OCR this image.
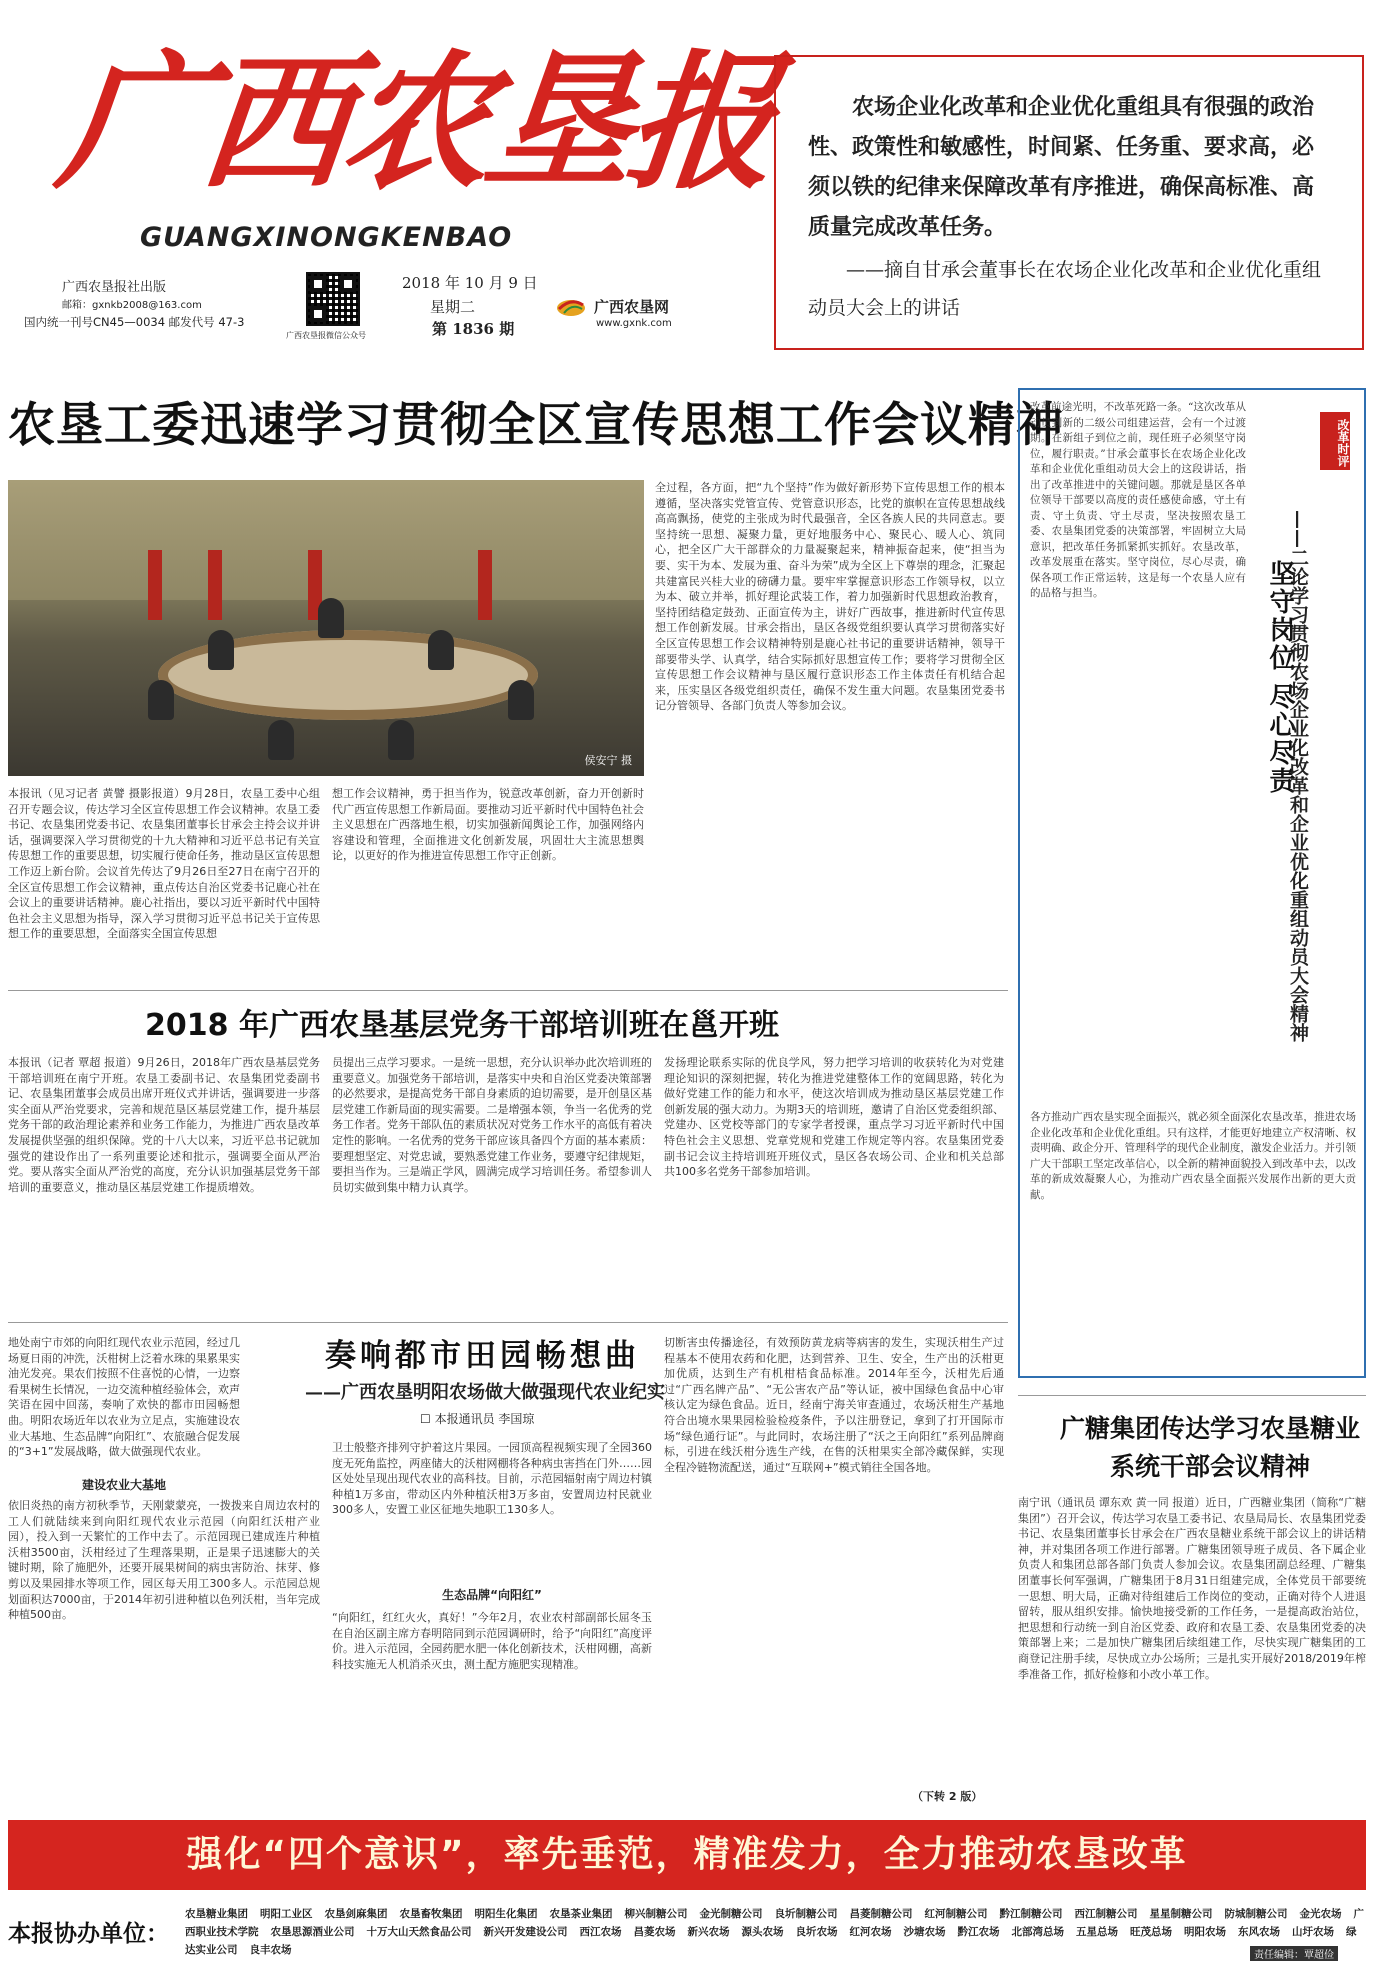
广西农垦报
GUANGXINONGKENBAO
广西农垦报社出版
邮箱：gxnkb2008@163.com
国内统一刊号CN45—0034 邮发代号 47-3
广西农垦报微信公众号
2018 年 10 月 9 日
星期二
第 1836 期
广西农垦网
www.gxnk.com
农场企业化改革和企业优化重组具有很强的政治性、政策性和敏感性，时间紧、任务重、要求高，必须以铁的纪律来保障改革有序推进，确保高标准、高质量完成改革任务。
——摘自甘承会董事长在农场企业化改革和企业优化重组动员大会上的讲话
农垦工委迅速学习贯彻全区宣传思想工作会议精神
侯安宁 摄
本报讯（见习记者 黄譬 摄影报道）9月28日，农垦工委中心组召开专题会议，传达学习全区宣传思想工作会议精神。农垦工委书记、农垦集团党委书记、农垦集团董事长甘承会主持会议并讲话，强调要深入学习贯彻党的十九大精神和习近平总书记有关宣传思想工作的重要思想，切实履行使命任务，推动垦区宣传思想工作迈上新台阶。会议首先传达了9月26日至27日在南宁召开的全区宣传思想工作会议精神，重点传达自治区党委书记鹿心社在会议上的重要讲话精神。鹿心社指出，要以习近平新时代中国特色社会主义思想为指导，深入学习贯彻习近平总书记关于宣传思想工作的重要思想，全面落实全国宣传思想
想工作会议精神，勇于担当作为，锐意改革创新，奋力开创新时代广西宣传思想工作新局面。要推动习近平新时代中国特色社会主义思想在广西落地生根，切实加强新闻舆论工作，加强网络内容建设和管理，全面推进文化创新发展，巩固壮大主流思想舆论，以更好的作为推进宣传思想工作守正创新。
全过程，各方面，把“九个坚持”作为做好新形势下宣传思想工作的根本遵循，坚决落实党管宣传、党管意识形态，比党的旗帜在宣传思想战线高高飘扬，使党的主张成为时代最强音，全区各族人民的共同意志。要坚持统一思想、凝聚力量，更好地服务中心、聚民心、暖人心、筑同心，把全区广大干部群众的力量凝聚起来，精神振奋起来，使“担当为要、实干为本、发展为重、奋斗为荣”成为全区上下尊崇的理念，汇聚起共建富民兴桂大业的磅礴力量。要牢牢掌握意识形态工作领导权，以立为本、破立并举，抓好理论武装工作，着力加强新时代思想政治教育，坚持团结稳定鼓劲、正面宣传为主，讲好广西故事，推进新时代宣传思想工作创新发展。甘承会指出，垦区各级党组织要认真学习贯彻落实好全区宣传思想工作会议精神特别是鹿心社书记的重要讲话精神，领导干部要带头学、认真学，结合实际抓好思想宣传工作；要将学习贯彻全区宣传思想工作会议精神与垦区履行意识形态工作主体责任有机结合起来，压实垦区各级党组织责任，确保不发生重大问题。农垦集团党委书记分管领导、各部门负责人等参加会议。
2018 年广西农垦基层党务干部培训班在邕开班
本报讯（记者 覃超 报道）9月26日，2018年广西农垦基层党务干部培训班在南宁开班。农垦工委副书记、农垦集团党委副书记、农垦集团董事会成员出席开班仪式并讲话，强调要进一步落实全面从严治党要求，完善和规范垦区基层党建工作，提升基层党务干部的政治理论素养和业务工作能力，为推进广西农垦改革发展提供坚强的组织保障。党的十八大以来，习近平总书记就加强党的建设作出了一系列重要论述和批示，强调要全面从严治党。要从落实全面从严治党的高度，充分认识加强基层党务干部培训的重要意义，推动垦区基层党建工作提质增效。
员提出三点学习要求。一是统一思想，充分认识举办此次培训班的重要意义。加强党务干部培训，是落实中央和自治区党委决策部署的必然要求，是提高党务干部自身素质的迫切需要，是开创垦区基层党建工作新局面的现实需要。二是增强本领，争当一名优秀的党务工作者。党务干部队伍的素质状况对党务工作水平的高低有着决定性的影响。一名优秀的党务干部应该具备四个方面的基本素质：要理想坚定、对党忠诚，要熟悉党建工作业务，要遵守纪律规矩，要担当作为。三是端正学风，圆满完成学习培训任务。希望参训人员切实做到集中精力认真学。
发扬理论联系实际的优良学风，努力把学习培训的收获转化为对党建理论知识的深刻把握，转化为推进党建整体工作的宽阔思路，转化为做好党建工作的能力和水平，使这次培训成为推动垦区基层党建工作创新发展的强大动力。为期3天的培训班，邀请了自治区党委组织部、党建办、区党校等部门的专家学者授课，重点学习习近平新时代中国特色社会主义思想、党章党规和党建工作规定等内容。农垦集团党委副书记会议主持培训班开班仪式，垦区各农场公司、企业和机关总部共100多名党务干部参加培训。
改革时评
坚守岗位 尽心尽责
——二论学习贯彻农场企业化改革和企业优化重组动员大会精神
改革前途光明，不改革死路一条。“这次改革从动员到新的二级公司组建运营，会有一个过渡期。在新组子到位之前，现任班子必须坚守岗位，履行职责。”甘承会董事长在农场企业化改革和企业优化重组动员大会上的这段讲话，指出了改革推进中的关键问题。那就是垦区各单位领导干部要以高度的责任感使命感，守土有责、守土负责、守土尽责，坚决按照农垦工委、农垦集团党委的决策部署，牢固树立大局意识，把改革任务抓紧抓实抓好。农垦改革，改革发展重在落实。坚守岗位，尽心尽责，确保各项工作正常运转，这是每一个农垦人应有的品格与担当。
各方推动广西农垦实现全面振兴，就必须全面深化农垦改革，推进农场企业化改革和企业优化重组。只有这样，才能更好地建立产权清晰、权责明确、政企分开、管理科学的现代企业制度，激发企业活力。并引领广大干部职工坚定改革信心，以全新的精神面貌投入到改革中去，以改革的新成效凝聚人心，为推动广西农垦全面振兴发展作出新的更大贡献。
奏响都市田园畅想曲
——广西农垦明阳农场做大做强现代农业纪实
☐ 本报通讯员 李国琼
地处南宁市郊的向阳红现代农业示范园，经过几场夏日雨的冲洗，沃柑树上泛着水珠的果累果实油光发亮。果农们按照不住喜悦的心情，一边察看果树生长情况，一边交流种植经验体会，欢声笑语在园中回荡，奏响了欢快的都市田园畅想曲。明阳农场近年以农业为立足点，实施建设农业大基地、生态品牌“向阳红”、农旅融合促发展的“3+1”发展战略，做大做强现代农业。
建设农业大基地
依旧炎热的南方初秋季节，天刚蒙蒙亮，一拨拨来自周边农村的工人们就陆续来到向阳红现代农业示范园（向阳红沃柑产业园），投入到一天繁忙的工作中去了。示范园现已建成连片种植沃柑3500亩，沃柑经过了生理落果期，正是果子迅速膨大的关键时期，除了施肥外，还要开展果树间的病虫害防治、抹芽、修剪以及果园排水等项工作，园区每天用工300多人。示范园总规划面积达7000亩，于2014年初引进种植以色列沃柑，当年完成种植500亩。
卫士般整齐排列守护着这片果园。一园顶高程视频实现了全园360度无死角监控，两座储大的沃柑网棚将各种病虫害挡在门外……园区处处呈现出现代农业的高科技。目前，示范园辐射南宁周边村镇种植1万多亩，带动区内外种植沃柑3万多亩，安置周边村民就业300多人，安置工业区征地失地职工130多人。
生态品牌“向阳红”
“向阳红，红红火火，真好！”今年2月，农业农村部副部长屈冬玉在自治区副主席方春明陪同到示范园调研时，给予“向阳红”高度评价。进入示范园，全园药肥水肥一体化创新技术，沃柑网棚，高新科技实施无人机消杀灭虫，测土配方施肥实现精准。
切断害虫传播途径，有效预防黄龙病等病害的发生，实现沃柑生产过程基本不使用农药和化肥，达到营养、卫生、安全，生产出的沃柑更加优质，达到生产有机柑桔食品标准。2014年至今，沃柑先后通过“广西名牌产品”、“无公害农产品”等认证，被中国绿色食品中心审核认定为绿色食品。近日，经南宁海关审查通过，农场沃柑生产基地符合出境水果果园检验检疫条件，予以注册登记，拿到了打开国际市场“绿色通行证”。与此同时，农场注册了“沃之王向阳红”系列品牌商标，引进在线沃柑分选生产线，在售的沃柑果实全部冷藏保鲜，实现全程冷链物流配送，通过“互联网+”模式销往全国各地。
（下转 2 版）
广糖集团传达学习农垦糖业系统干部会议精神
南宁讯（通讯员 谭东欢 黄一同 报道）近日，广西糖业集团（简称“广糖集团”）召开会议，传达学习农垦工委书记、农垦局局长、农垦集团党委书记、农垦集团董事长甘承会在广西农垦糖业系统干部会议上的讲话精神，并对集团各项工作进行部署。广糖集团领导班子成员、各下属企业负责人和集团总部各部门负责人参加会议。农垦集团副总经理、广糖集团董事长何军强调，广糖集团于8月31日组建完成，全体党员干部要统一思想、明大局，正确对待组建后工作岗位的变动，正确对待个人进退留转，服从组织安排。愉快地接受新的工作任务，一是提高政治站位，把思想和行动统一到自治区党委、政府和农垦工委、农垦集团党委的决策部署上来；二是加快广糖集团后续组建工作，尽快实现广糖集团的工商登记注册手续，尽快成立办公场所；三是扎实开展好2018/2019年榨季准备工作，抓好检修和小改小革工作。
强化“四个意识”，率先垂范，精准发力，全力推动农垦改革
本报协办单位：
农垦糖业集团 明阳工业区 农垦剑麻集团 农垦畜牧集团 明阳生化集团 农垦茶业集团 柳兴制糖公司 金光制糖公司 良圻制糖公司 昌菱制糖公司 红河制糖公司 黔江制糖公司 西江制糖公司 星星制糖公司 防城制糖公司 金光农场 广西职业技术学院 农垦思源酒业公司 十万大山天然食品公司 新兴开发建设公司 西江农场 昌菱农场 新兴农场 源头农场 良圻农场 红河农场 沙塘农场 黔江农场 北部湾总场 五星总场 旺茂总场 明阳农场 东风农场 山圩农场 绿达实业公司 良丰农场	责任编辑：覃超俭
